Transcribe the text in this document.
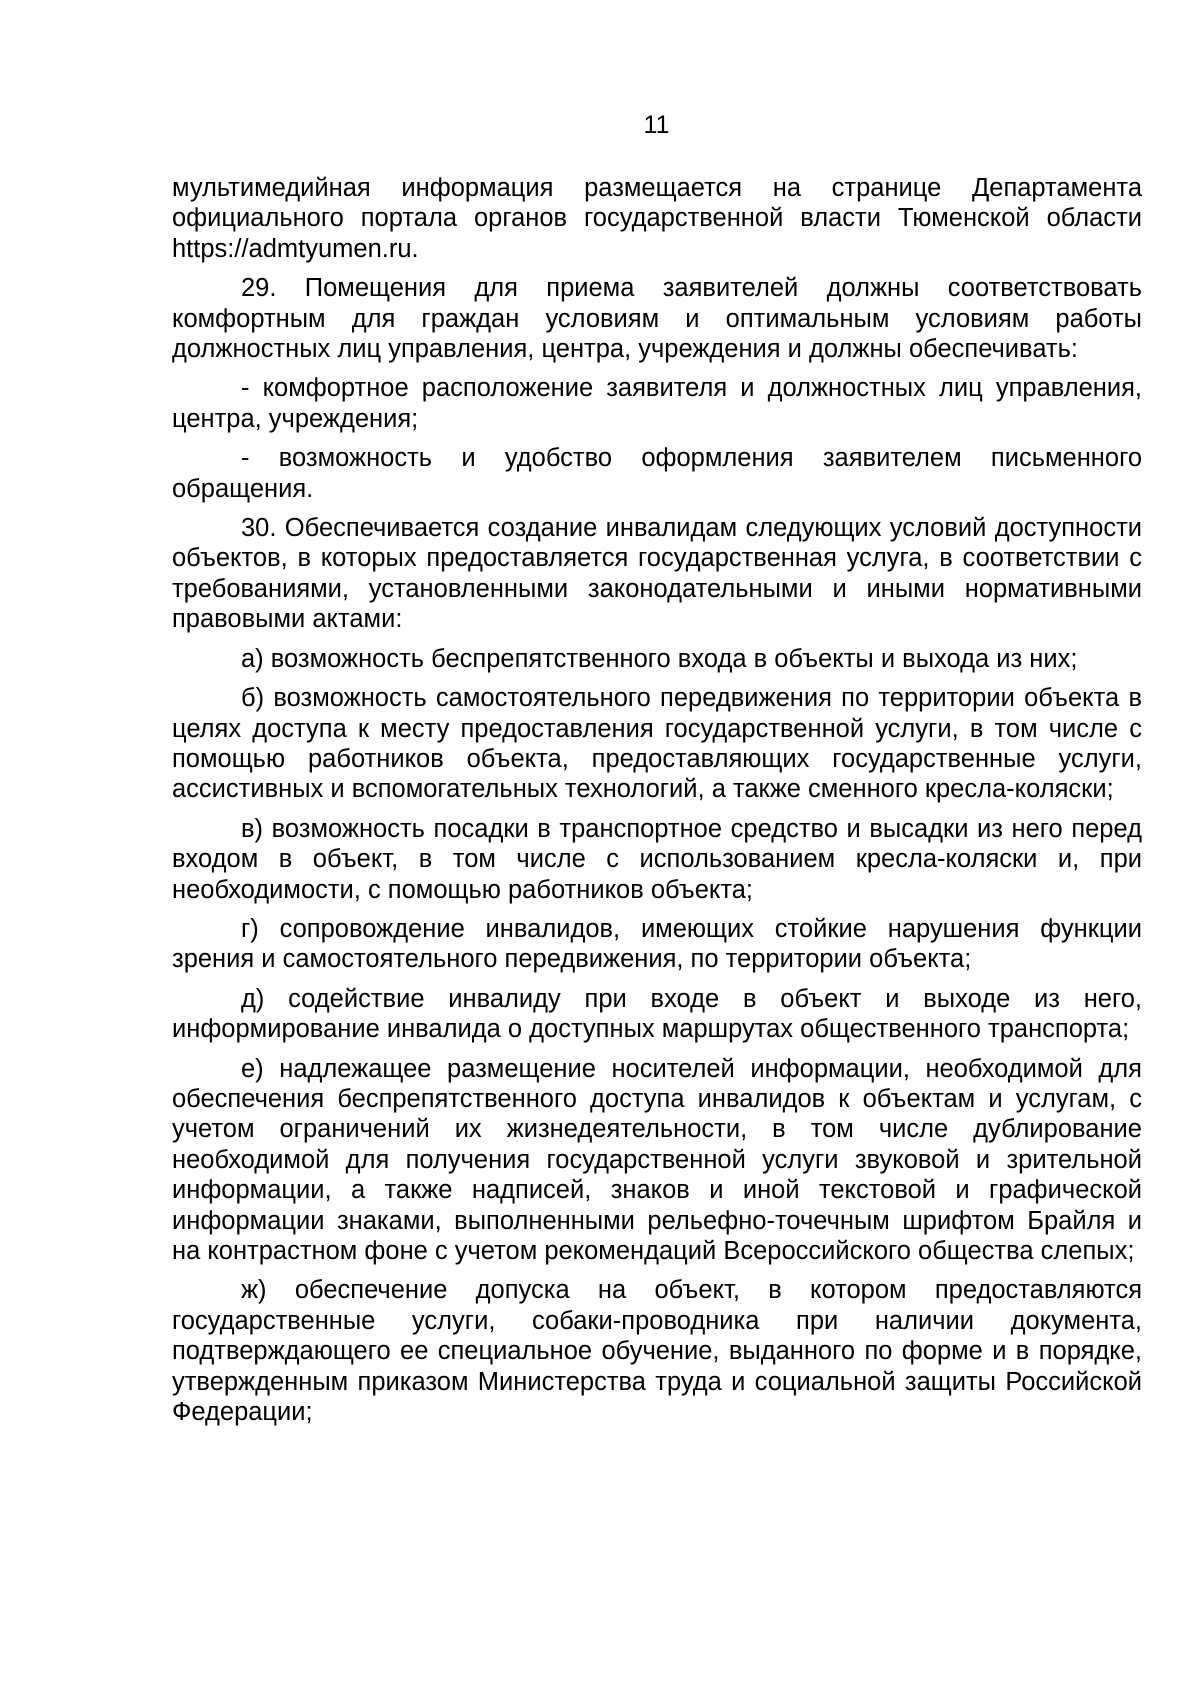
11

мультимедийная информация размещается на странице Департамента официального портала органов государственной власти Тюменской области https://admtyumen.ru.

29. Помещения для приема заявителей должны соответствовать комфортным для граждан условиям и оптимальным условиям работы должностных лиц управления, центра, учреждения и должны обеспечивать:

- комфортное расположение заявителя и должностных лиц управления, центра, учреждения;

- возможность и удобство оформления заявителем письменного обращения.

30. Обеспечивается создание инвалидам следующих условий доступности объектов, в которых предоставляется государственная услуга, в соответствии с требованиями, установленными законодательными и иными нормативными правовыми актами:

а) возможность беспрепятственного входа в объекты и выхода из них;

б) возможность самостоятельного передвижения по территории объекта в целях доступа к месту предоставления государственной услуги, в том числе с помощью работников объекта, предоставляющих государственные услуги, ассистивных и вспомогательных технологий, а также сменного кресла-коляски;

в) возможность посадки в транспортное средство и высадки из него перед входом в объект, в том числе с использованием кресла-коляски и, при необходимости, с помощью работников объекта;

г) сопровождение инвалидов, имеющих стойкие нарушения функции зрения и самостоятельного передвижения, по территории объекта;

д) содействие инвалиду при входе в объект и выходе из него, информирование инвалида о доступных маршрутах общественного транспорта;

е) надлежащее размещение носителей информации, необходимой для обеспечения беспрепятственного доступа инвалидов к объектам и услугам, с учетом ограничений их жизнедеятельности, в том числе дублирование необходимой для получения государственной услуги звуковой и зрительной информации, а также надписей, знаков и иной текстовой и графической информации знаками, выполненными рельефно-точечным шрифтом Брайля и на контрастном фоне с учетом рекомендаций Всероссийского общества слепых;

ж) обеспечение допуска на объект, в котором предоставляются государственные услуги, собаки-проводника при наличии документа, подтверждающего ее специальное обучение, выданного по форме и в порядке, утвержденным приказом Министерства труда и социальной защиты Российской Федерации;
